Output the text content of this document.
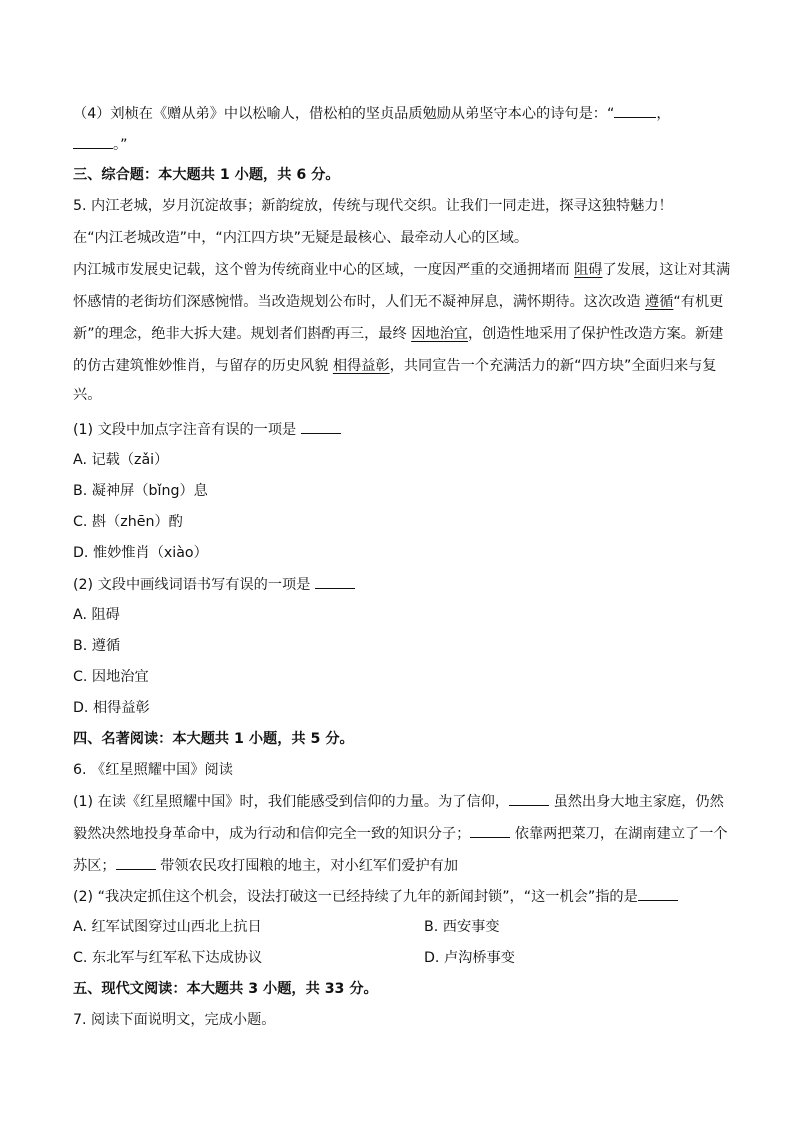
（4）刘桢在《赠从弟》中以松喻人，借松柏的坚贞品质勉励从弟坚守本心的诗句是：“	，
。”
三、综合题：本大题共 1 小题，共 6 分。
5. 内江老城，岁月沉淀故事；新韵绽放，传统与现代交织。让我们一同走进，探寻这独特魅力！
在“内江老城改造”中，“内江四方块”无疑是最核心、最牵动人心的区域。
内江城市发展史记载，这个曾为传统商业中心的区域，一度因严重的交通拥堵而 阻碍了发展，这让对其满
怀感情的老街坊们深感惋惜。当改造规划公布时，人们无不凝神屏息，满怀期待。这次改造 遵循“有机更
新”的理念，绝非大拆大建。规划者们斟酌再三，最终 因地治宜，创造性地采用了保护性改造方案。新建
的仿古建筑惟妙惟肖，与留存的历史风貌 相得益彰，共同宣告一个充满活力的新“四方块”全面归来与复
兴。
(1) 文段中加点字注音有误的一项是
A. 记载（zǎi）
B. 凝神屏（bǐng）息
C. 斟（zhēn）酌
D. 惟妙惟肖（xiào）
(2) 文段中画线词语书写有误的一项是
A. 阻碍
B. 遵循
C. 因地治宜
D. 相得益彰
四、名著阅读：本大题共 1 小题，共 5 分。
6. 《红星照耀中国》阅读
(1) 在读《红星照耀中国》时，我们能感受到信仰的力量。为了信仰，	虽然出身大地主家庭，仍然
毅然决然地投身革命中，成为行动和信仰完全一致的知识分子；	依靠两把菜刀，在湖南建立了一个
苏区；	带领农民攻打囤粮的地主，对小红军们爱护有加
(2) “我决定抓住这个机会，设法打破这一已经持续了九年的新闻封锁”，“这一机会”指的是
A. 红军试图穿过山西北上抗日	B. 西安事变
C. 东北军与红军私下达成协议	D. 卢沟桥事变
五、现代文阅读：本大题共 3 小题，共 33 分。
7. 阅读下面说明文，完成小题。
